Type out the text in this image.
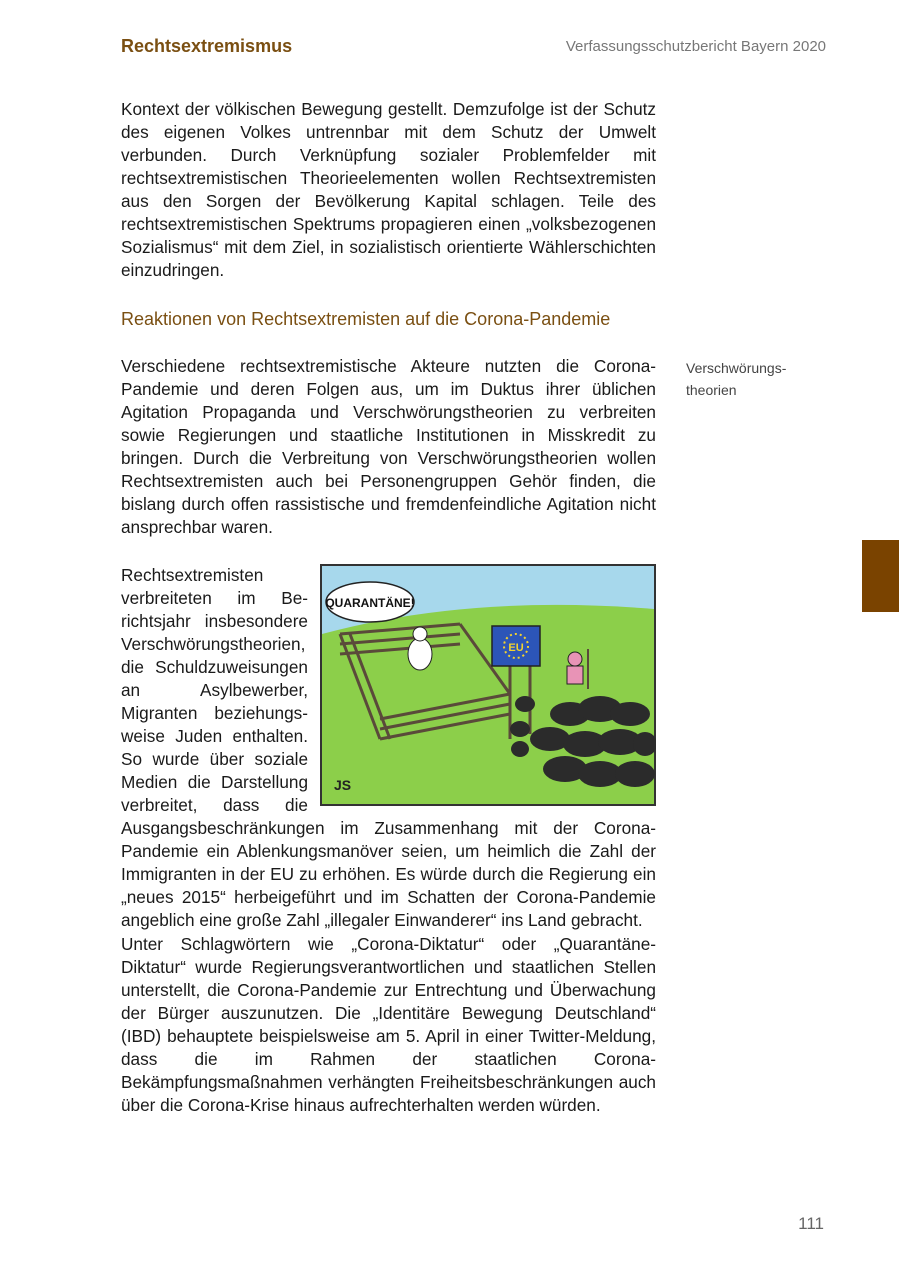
Rechtsextremismus	Verfassungsschutzbericht Bayern 2020
Kontext der völkischen Bewegung gestellt. Demzufolge ist der Schutz des eigenen Volkes untrennbar mit dem Schutz der Umwelt verbunden. Durch Verknüpfung sozialer Problemfelder mit rechtsextremistischen Theorieelementen wollen Rechtsextremisten aus den Sorgen der Bevölkerung Kapital schlagen. Teile des rechtsextremistischen Spektrums propagieren einen „volksbezogenen Sozialismus“ mit dem Ziel, in sozialistisch orientierte Wählerschichten einzudringen.
Reaktionen von Rechtsextremisten auf die Corona-Pandemie
Verschiedene rechtsextremistische Akteure nutzten die Corona-Pandemie und deren Folgen aus, um im Duktus ihrer üblichen Agitation Propaganda und Verschwörungstheorien zu verbreiten sowie Regierungen und staatliche Institutionen in Misskredit zu bringen. Durch die Verbreitung von Verschwörungstheorien wollen Rechtsextremisten auch bei Personengruppen Gehör finden, die bislang durch offen rassistische und fremdenfeindliche Agitation nicht ansprechbar waren.
Verschwörungstheorien
EU
QUARANTÄNE!
JS
Rechtsextremisten verbreiteten im Berichtsjahr insbesondere Verschwörungstheorien, die Schuldzuweisungen an Asylbewerber, Migranten beziehungsweise Juden enthalten. So wurde über soziale Medien die Darstellung verbreitet, dass die Ausgangsbeschränkungen im Zusammenhang mit der Corona-Pandemie ein Ablenkungsmanöver seien, um heimlich die Zahl der Immigranten in der EU zu erhöhen. Es würde durch die Regierung ein „neues 2015“ herbeigeführt und im Schatten der Corona-Pandemie angeblich eine große Zahl „illegaler Einwanderer“ ins Land gebracht.
Unter Schlagwörtern wie „Corona-Diktatur“ oder „Quarantäne-Diktatur“ wurde Regierungsverantwortlichen und staatlichen Stellen unterstellt, die Corona-Pandemie zur Entrechtung und Überwachung der Bürger auszunutzen. Die „Identitäre Bewegung Deutschland“ (IBD) behauptete beispielsweise am 5. April in einer Twitter-Meldung, dass die im Rahmen der staatlichen Corona-Bekämpfungsmaßnahmen verhängten Freiheitsbeschränkungen auch über die Corona-Krise hinaus aufrechterhalten werden würden.
111
